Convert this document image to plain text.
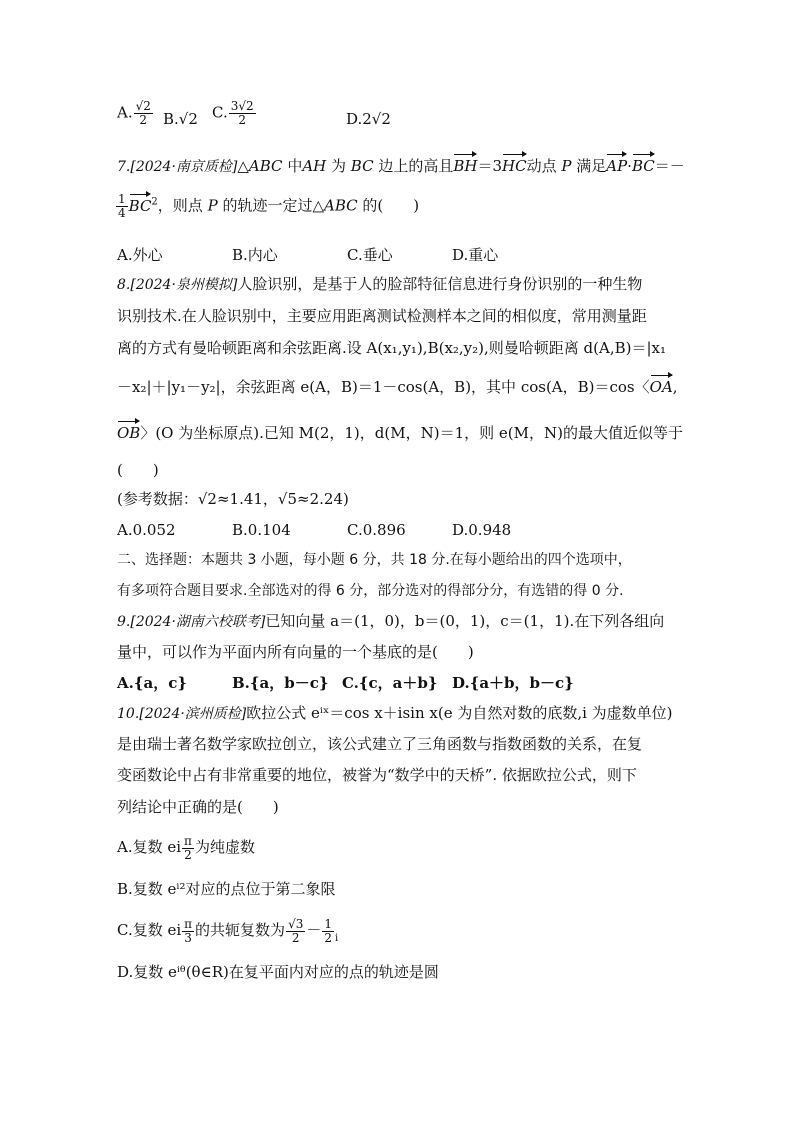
A. $\frac{√2}{2} B.√2$ C. $\frac{3√2}{2}$	D.2√2
7.[2024·南京质检]△ABC 中AH 为 BC 边上的高且BH＝3HC动点 P 满足AP·BC＝－
$\frac{1}{4} BC^2$，则点 P 的轨迹一定过△ABC 的(　　)
A.外心	B.内心	C.垂心	D.重心
8.[2024·泉州模拟]人脸识别，是基于人的脸部特征信息进行身份识别的一种生物
识别技术.在人脸识别中，主要应用距离测试检测样本之间的相似度，常用测量距
离的方式有曼哈顿距离和余弦距离.设 A(x₁,y₁),B(x₂,y₂),则曼哈顿距离 d(A,B)＝|x₁
－x₂|＋|y₁－y₂|，余弦距离 e(A，B)＝1－cos(A，B)，其中 cos(A，B)＝cos〈OA,
OB〉(O 为坐标原点).已知 M(2，1)，d(M，N)＝1，则 e(M，N)的最大值近似等于
(　　)
(参考数据：√2≈1.41，√5≈2.24)
A.0.052	B.0.104	C.0.896	D.0.948
二、选择题：本题共 3 小题，每小题 6 分，共 18 分.在每小题给出的四个选项中，
有多项符合题目要求.全部选对的得 6 分，部分选对的得部分分，有选错的得 0 分.
9.[2024·湖南六校联考]已知向量 a＝(1，0)，b＝(0，1)，c＝(1，1).在下列各组向
量中，可以作为平面内所有向量的一个基底的是(　　)
A.{a，c}	B.{a，b－c} C.{c，a＋b} D.{a＋b，b－c}
10.[2024·滨州质检]欧拉公式 eⁱˣ＝cos x＋isin x(e 为自然对数的底数,i 为虚数单位)
是由瑞士著名数学家欧拉创立，该公式建立了三角函数与指数函数的关系，在复
变函数论中占有非常重要的地位，被誉为“数学中的天桥”. 依据欧拉公式，则下
列结论中正确的是(　　)
A.复数 ei $\frac{\pi}{2}$ 为纯虚数
B.复数 eⁱ²对应的点位于第二象限
C.复数 ei $\frac{\pi}{3}$ 的共轭复数为 $\frac{√3}{2} - \frac{1}{2} _i$
D.复数 eⁱᶿ(θ∈R)在复平面内对应的点的轨迹是圆
